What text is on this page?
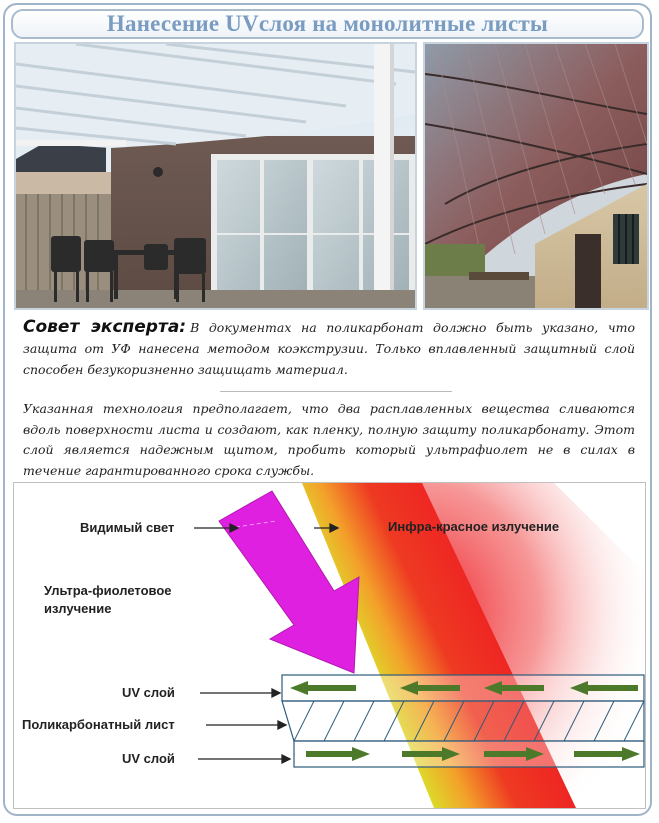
Нанесение UVслоя на монолитные листы
Совет эксперта: В документах на поликарбонат должно быть указано, что защита от УФ нанесена методом коэкструзии. Только вплавленный защитный слой способен безукоризненно защищать материал.
Указанная технология предполагает, что два расплавленных вещества сливаются вдоль поверхности листа и создают, как пленку, полную защиту поликарбонату. Этот слой является надежным щитом, пробить который ультрафиолет не в силах в течение гарантированного срока службы.
Видимый свет	Инфра-красное излучение
Ультра-фиолетовое
излучение
UV слой
Поликарбонатный лист
UV слой
